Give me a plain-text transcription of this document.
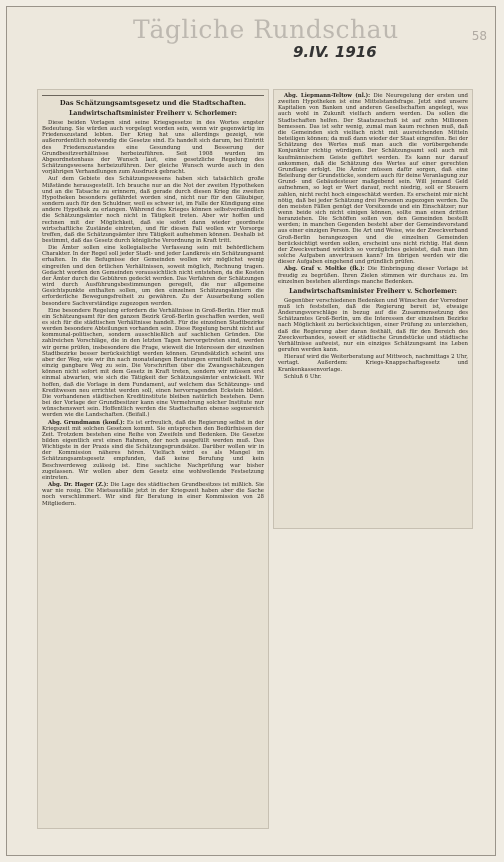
Tägliche Rundschau
9.IV. 1916
58
Das Schätzungsamtsgesetz und die Stadtschaften.
Landwirtschaftsminister Freiherr v. Schorlemer:

Diese beiden Vorlagen sind seine Kriegsgesetze in des Wortes engster Bedeutung. Sie würden auch vorgelegt worden sein, wenn wir gegenwärtig im Friedenszustand lebten. Der Krieg hat uns allerdings gezeigt, wie außerordentlich notwendig die Gesetze sind. Es handelt sich darum, bei Eintritt des Friedenszustandes eine Gesundung und Besserung der Grundbesitzverhältnisse herbeizuführen. Seit 1908 wurden im Abgeordnetenhaus der Wunsch laut, eine gesetzliche Regelung des Schätzungswesens herbeizuführen. Der gleiche Wunsch wurde auch in den vorjährigen Verhandlungen zum Ausdruck gebracht.

Auf dem Gebiete des Schätzungswesens haben sich tatsächlich große Mißstände herausgestellt. Ich brauche nur an die Not der zweiten Hypotheken und an die Tatsache zu erinnern, daß gerade durch diesen Krieg die zweiten Hypotheken besonders gefährdet worden sind, nicht nur für den Gläubiger, sondern auch für den Schuldner, weil es schwer ist, im Falle der Kündigung eine andere Hypothek zu erlangen. Während des Krieges können selbstverständlich die Schätzungsämter noch nicht in Tätigkeit treten. Aber wir hoffen und rechnen mit der Möglichkeit, daß sie sofort dann wieder geordnete wirtschaftliche Zustände eintreten, und für diesen Fall wollen wir Vorsorge treffen, daß die Schätzungsämter ihre Tätigkeit aufnehmen können. Deshalb ist bestimmt, daß das Gesetz durch königliche Verordnung in Kraft tritt.

Die Ämter sollen eine kollegialische Verfassung sein mit behördlichem Charakter. In der Regel soll jeder Stadt- und jeder Landkreis ein Schätzungsamt erhalten. In die Befugnisse der Gemeinden wollen wir möglichst wenig eingreifen und den örtlichen Verhältnissen, soweit möglich, Rechnung tragen. Gedacht worden den Gemeinden voraussichtlich nicht entstehen, da die Kosten der Ämter durch die Gebühren gedeckt werden. Das Verfahren der Schätzungen wird durch Ausführungsbestimmungen geregelt, die nur allgemeine Gesichtspunkte enthalten sollen, um den einzelnen Schätzungsämtern die erforderliche Bewegungsfreiheit zu gewähren. Zu der Ausarbeitung sollen besondere Sachverständige zugezogen werden.

Eine besondere Regelung erfordern die Verhältnisse in Groß-Berlin. Hier muß ein Schätzungsamt für den ganzen Bezirk Groß-Berlin geschaffen werden, weil es sich für die städtischen Verhältnisse handelt. Für die einzelnen Stadtbezirke werden besondere Abteilungen vorhanden sein. Diese Regelung beruht nicht auf kommunal-politischen, sondern ausschließlich auf sachlichen Gründen. Die zahlreichen Vorschläge, die in den letzten Tagen hervorgetreten sind, werden wir gerne prüfen, insbesondere die Frage, wieweit die Interessen der einzelnen Stadtbezirke besser berücksichtigt werden können. Grundsätzlich scheint uns aber der Weg, wie wir ihn nach monatelangen Beratungen ermittelt haben, der einzig gangbare Weg zu sein. Die Vorschriften über die Zwangsschätzungen können nicht sofort mit dem Gesetz in Kraft treten, sondern wir müssen erst einmal abwarten, wie sich die Tätigkeit der Schätzungsämter entwickelt. Wir hoffen, daß die Vorlage in dem Fundament, auf welchem das Schätzungs- und Kreditwesen neu errichtet werden soll, einen hervorragenden Eckstein bildet. Die vorhandenen städtischen Kreditinstitute bleiben natürlich bestehen. Denn bei der Vorlage der Grundbesitzer kann eine Vermehrung solcher Institute nur wünschenswert sein. Hoffentlich werden die Stadtschaften ebenso segensreich werden wie die Landschaften. (Beifall.)

Abg. Grundmann (konf.): Es ist erfreulich, daß die Regierung selbst in der Kriegszeit mit solchen Gesetzen kommt. Sie entsprechen den Bedürfnissen der Zeit. Trotzdem bestehen eine Reihe von Zweifeln und Bedenken. Die Gesetze bilden eigentlich erst einen Rahmen, der noch ausgefüllt werden muß. Das Wichtigste in der Praxis sind die Schätzungsgrundsätze. Darüber wollen wir in der Kommission näheres hören. Vielfach wird es als Mangel im Schätzungsamtsgesetz empfunden, daß keine Berufung und kein Beschwerdeweg zulässig ist. Eine sachliche Nachprüfung war bisher zugelassen. Wir wollen aber dem Gesetz eine wohlwollende Festsetzung eintreten.

Abg. Dr. Hager (Z.): Die Lage des städtischen Grundbesitzes ist mißlich. Sie war nie rosig. Die Mietsausfälle jetzt in der Kriegszeit haben aber die Sache noch verschlimmert. Wir sind für Beratung in einer Kommission von 28 Mitgliedern.

Abg. Liepmann-Teltow (nl.): Die Neuregelung der ersten und zweiten Hypotheken ist eine Mittelstandsfrage. Jetzt sind unsere Kapitalien von Banken und anderen Gesellschaften angelegt, was auch wohl in Zukunft vielfach andern werden. Da sollen die Stadtschaften helfen. Der Staatszuschuß ist auf zehn Millionen bemessen. Das ist sehr wenig, zumal man kaum rechnen muß, daß die Gemeinden sich vielfach nicht mit ausreichenden Mitteln beteiligen können; da muß dann wieder der Staat eingreifen. Bei der Schätzung des Wertes muß man auch die vorübergehende Konjunktur richtig würdigen. Der Schätzungsamt soll auch mit kaufmännischem Geiste geführt werden. Es kann nur darauf ankommen, daß die Schätzung des Wertes auf einer gerechten Grundlage erfolgt. Die Ämter müssen dafür sorgen, daß eine Beleihung der Grundstücke, sondern auch für deine Veranlagung zur Grund- und Gebäudesteuer maßgebend sein. Will jemand Geld aufnehmen, so legt er Wert darauf, recht niedrig, soll er Steuern zahlen, nicht recht hoch eingeschätzt werden. Es erscheint mir nicht nötig, daß bei jeder Schätzung drei Personen zugezogen werden. Da den meisten Fällen genügt der Vorsitzende und ein Einschätzer; nur wenn beide sich nicht einigen können, sollte man einen dritten heranziehen. Die Schöffen sollen von den Gemeinden bestellt werden; in manchen Gegenden besteht aber der Gemeindevorstand aus einer einzigen Person. Die Art und Weise, wie der Zweckverband Groß-Berlin herangezogen und die einzelnen Gemeinden berücksichtigt werden sollen, erscheint uns nicht richtig. Hat denn der Zweckverband wirklich so vorzügliches geleistet, daß man ihm solche Aufgaben anvertrauen kann? Im übrigen werden wir die dieser Aufgaben eingehend und gründlich prüfen.

Abg. Graf v. Moltke (fk.): Die Einbringung dieser Vorlage ist freudig zu begrüßen. Ihren Zielen stimmen wir durchaus zu. Im einzelnen bestehen allerdings manche Bedenken.

Landwirtschaftsminister Freiherr v. Schorlemer:

Gegenüber verschiedenen Bedenken und Wünschen der Vorredner muß ich feststellen, daß die Regierung bereit ist, etwaige Änderungsvorschläge in bezug auf die Zusammensetzung des Schätzamtes Groß-Berlin, um die Interessen der einzelnen Bezirke nach Möglichkeit zu berücksichtigen, einer Prüfung zu unterziehen, daß die Regierung aber daran festhält, daß für den Bereich des Zweckverbandes, soweit er städtische Grundstücke und städtische Verhältnisse aufweist, nur ein einziges Schätzungsamt ins Leben gerufen werden kann.

Hierauf wird die Weiterberatung auf Mittwoch, nachmittags 2 Uhr, vertagt. Außerdem: Kriegs-Knappschaftsgesetz und Krankenkassenvorlage.

Schluß 6 Uhr.
